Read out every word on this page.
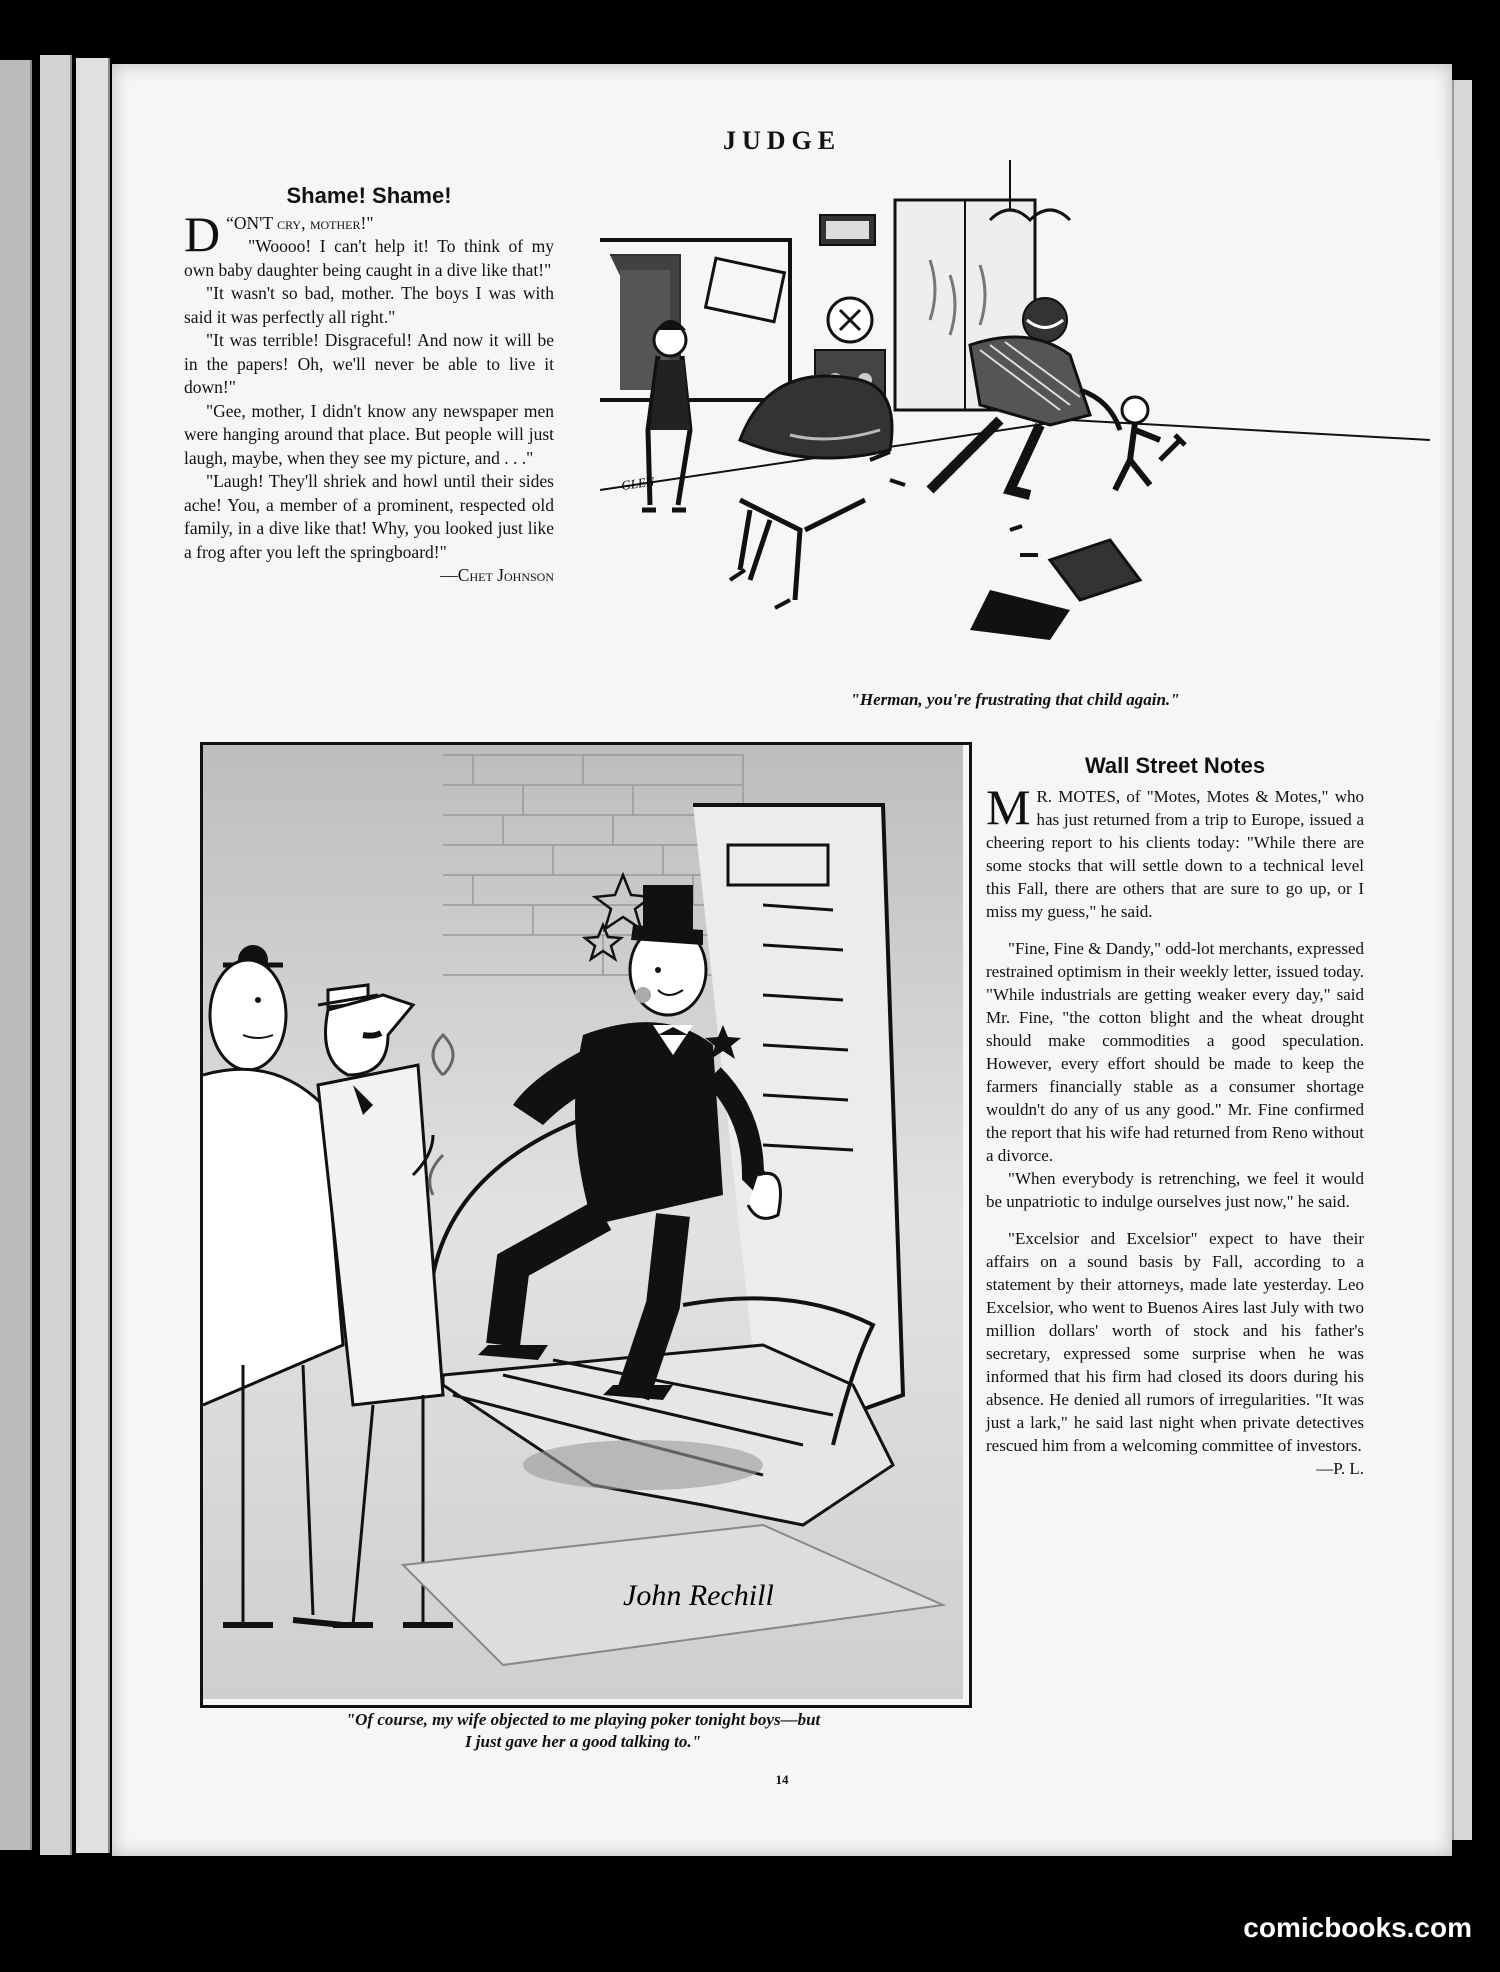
JUDGE
Shame! Shame!

“
D ON'T cry, mother!"

"Woooo! I can't help it! To think of my own baby daughter being caught in a dive like that!"

"It wasn't so bad, mother. The boys I was with said it was perfectly all right."

"It was terrible! Disgraceful! And now it will be in the papers! Oh, we'll never be able to live it down!"

"Gee, mother, I didn't know any newspaper men were hanging around that place. But people will just laugh, maybe, when they see my picture, and . . ."

"Laugh! They'll shriek and howl until their sides ache! You, a member of a prominent, respected old family, in a dive like that! Why, you looked just like a frog after you left the springboard!"

—Chet Johnson
GLEN
"Herman, you're frustrating that child again."
John Rechill
"Of course, my wife objected to me playing poker tonight boys—but
I just gave her a good talking to."
Wall Street Notes

M R. MOTES, of "Motes, Motes & Motes," who has just returned from a trip to Europe, issued a cheering report to his clients today: "While there are some stocks that will settle down to a technical level this Fall, there are others that are sure to go up, or I miss my guess," he said.

"Fine, Fine & Dandy," odd-lot merchants, expressed restrained optimism in their weekly letter, issued today. "While industrials are getting weaker every day," said Mr. Fine, "the cotton blight and the wheat drought should make commodities a good speculation. However, every effort should be made to keep the farmers financially stable as a consumer shortage wouldn't do any of us any good." Mr. Fine confirmed the report that his wife had returned from Reno without a divorce.

"When everybody is retrenching, we feel it would be unpatriotic to indulge ourselves just now," he said.

"Excelsior and Excelsior" expect to have their affairs on a sound basis by Fall, according to a statement by their attorneys, made late yesterday. Leo Excelsior, who went to Buenos Aires last July with two million dollars' worth of stock and his father's secretary, expressed some surprise when he was informed that his firm had closed its doors during his absence. He denied all rumors of irregularities. "It was just a lark," he said last night when private detectives rescued him from a welcoming committee of investors.

—P. L.
14
comicbooks.com
